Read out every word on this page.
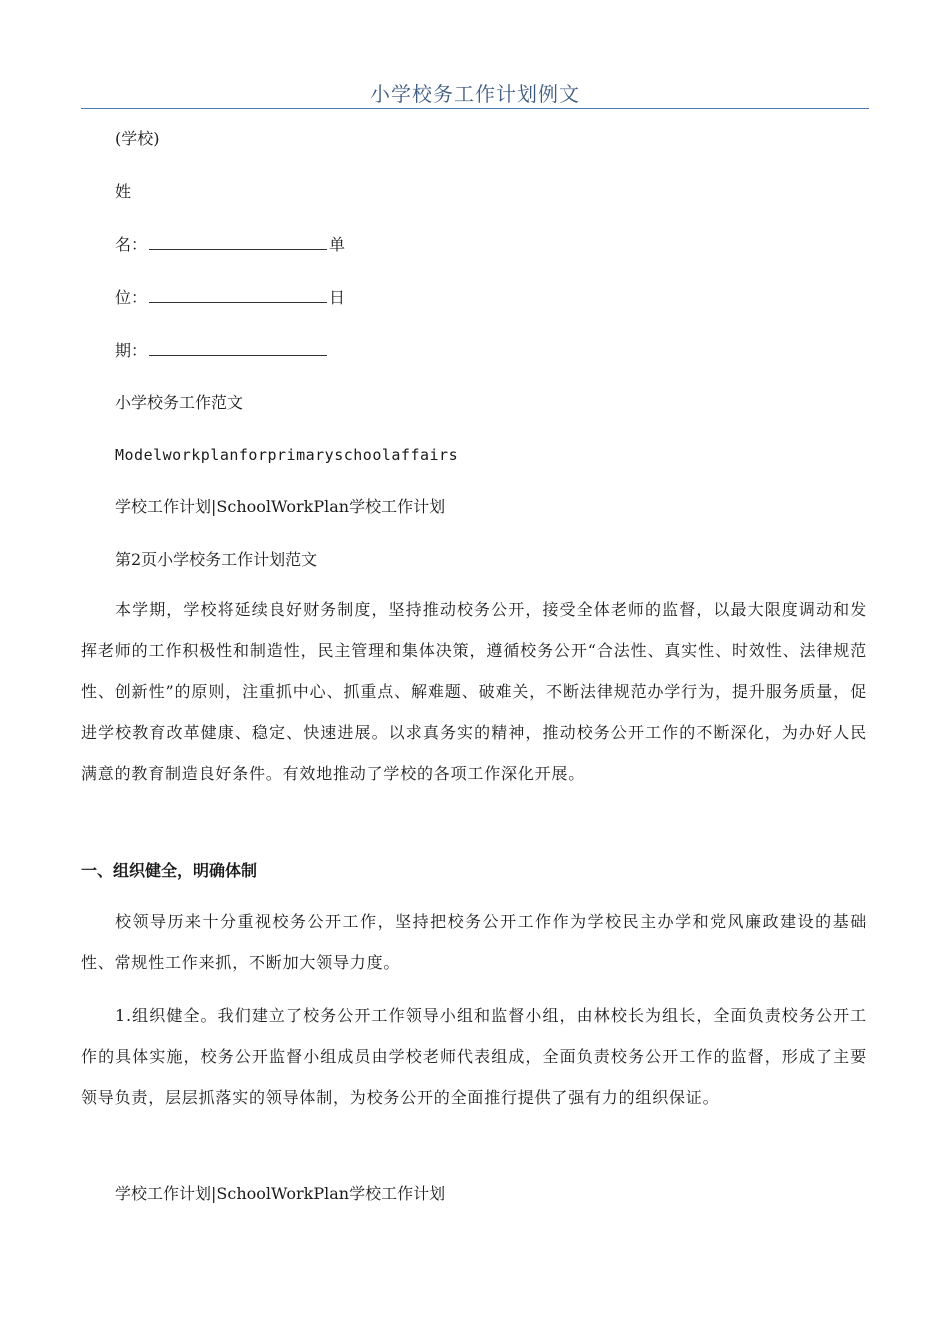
小学校务工作计划例文
(学校)
姓
名：	单
位：	日
期：
小学校务工作范文
Modelworkplanforprimaryschoolaffairs
学校工作计划|SchoolWorkPlan学校工作计划
第2页小学校务工作计划范文
本学期，学校将延续良好财务制度，坚持推动校务公开，接受全体老师的监督，以最大限度调动和发挥老师的工作积极性和制造性，民主管理和集体决策，遵循校务公开“合法性、真实性、时效性、法律规范性、创新性”的原则，注重抓中心、抓重点、解难题、破难关，不断法律规范办学行为，提升服务质量，促进学校教育改革健康、稳定、快速进展。以求真务实的精神，推动校务公开工作的不断深化，为办好人民满意的教育制造良好条件。有效地推动了学校的各项工作深化开展。
一、组织健全，明确体制
校领导历来十分重视校务公开工作，坚持把校务公开工作作为学校民主办学和党风廉政建设的基础性、常规性工作来抓，不断加大领导力度。
1.组织健全。我们建立了校务公开工作领导小组和监督小组，由林校长为组长，全面负责校务公开工作的具体实施，校务公开监督小组成员由学校老师代表组成，全面负责校务公开工作的监督，形成了主要领导负责，层层抓落实的领导体制，为校务公开的全面推行提供了强有力的组织保证。
学校工作计划|SchoolWorkPlan学校工作计划
